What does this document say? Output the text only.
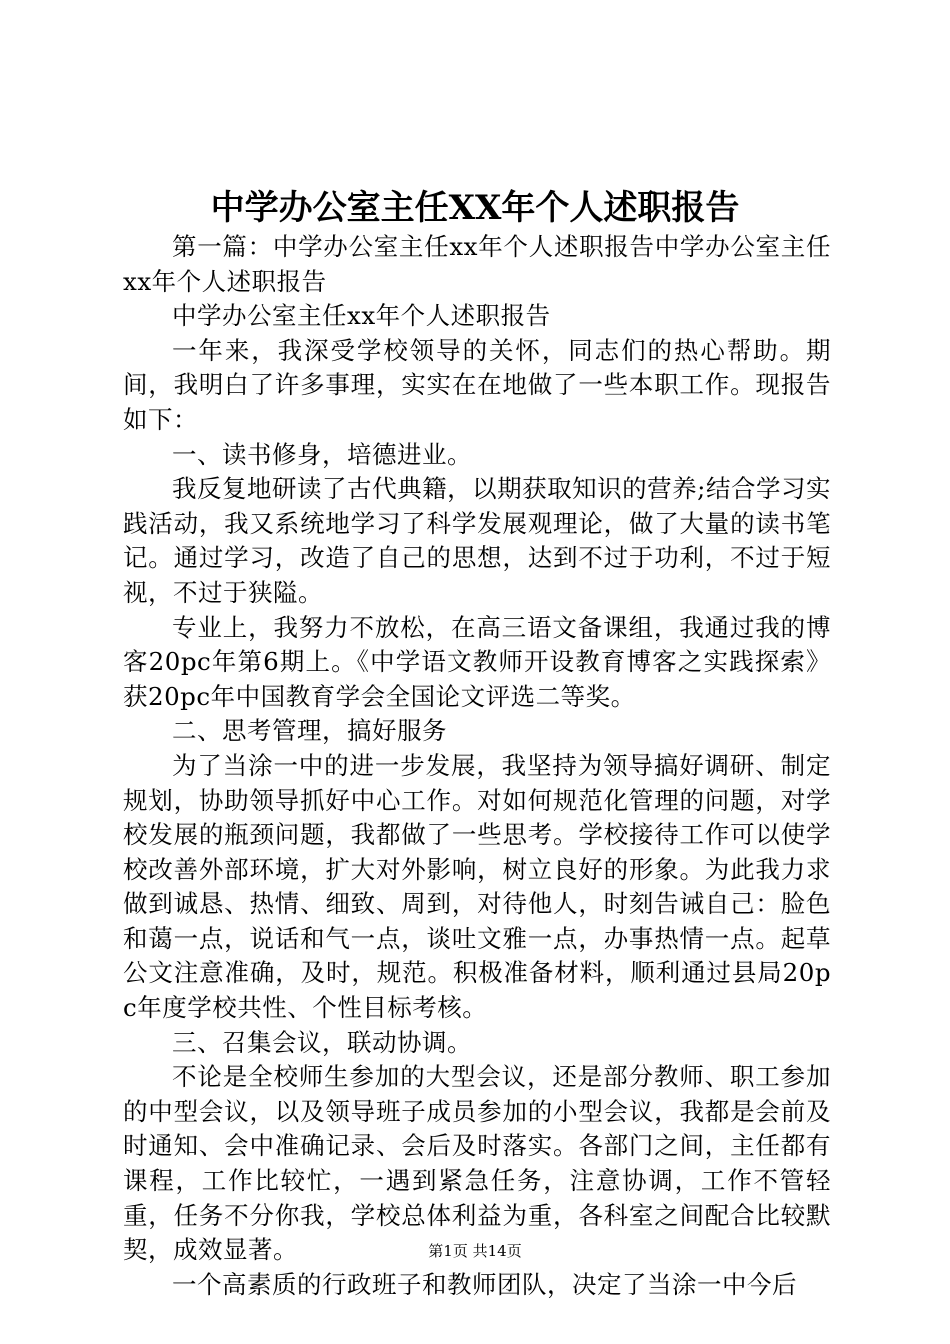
中学办公室主任XX年个人述职报告

第一篇：中学办公室主任xx年个人述职报告中学办公室主任xx年个人述职报告

中学办公室主任xx年个人述职报告

一年来，我深受学校领导的关怀，同志们的热心帮助。期间，我明白了许多事理，实实在在地做了一些本职工作。现报告如下：

一、读书修身，培德进业。

我反复地研读了古代典籍，以期获取知识的营养;结合学习实践活动，我又系统地学习了科学发展观理论，做了大量的读书笔记。通过学习，改造了自己的思想，达到不过于功利，不过于短视，不过于狭隘。

专业上，我努力不放松，在高三语文备课组，我通过我的博客20pc年第6期上。《中学语文教师开设教育博客之实践探索》获20pc年中国教育学会全国论文评选二等奖。

二、思考管理，搞好服务

为了当涂一中的进一步发展，我坚持为领导搞好调研、制定规划，协助领导抓好中心工作。对如何规范化管理的问题，对学校发展的瓶颈问题，我都做了一些思考。学校接待工作可以使学校改善外部环境，扩大对外影响，树立良好的形象。为此我力求做到诚恳、热情、细致、周到，对待他人，时刻告诫自己：脸色和蔼一点，说话和气一点，谈吐文雅一点，办事热情一点。起草公文注意准确，及时，规范。积极准备材料，顺利通过县局20pc年度学校共性、个性目标考核。

三、召集会议，联动协调。

不论是全校师生参加的大型会议，还是部分教师、职工参加的中型会议，以及领导班子成员参加的小型会议，我都是会前及时通知、会中准确记录、会后及时落实。各部门之间，主任都有课程，工作比较忙，一遇到紧急任务，注意协调，工作不管轻重，任务不分你我，学校总体利益为重，各科室之间配合比较默契，成效显著。

一个高素质的行政班子和教师团队，决定了当涂一中今后

第1页 共14页
